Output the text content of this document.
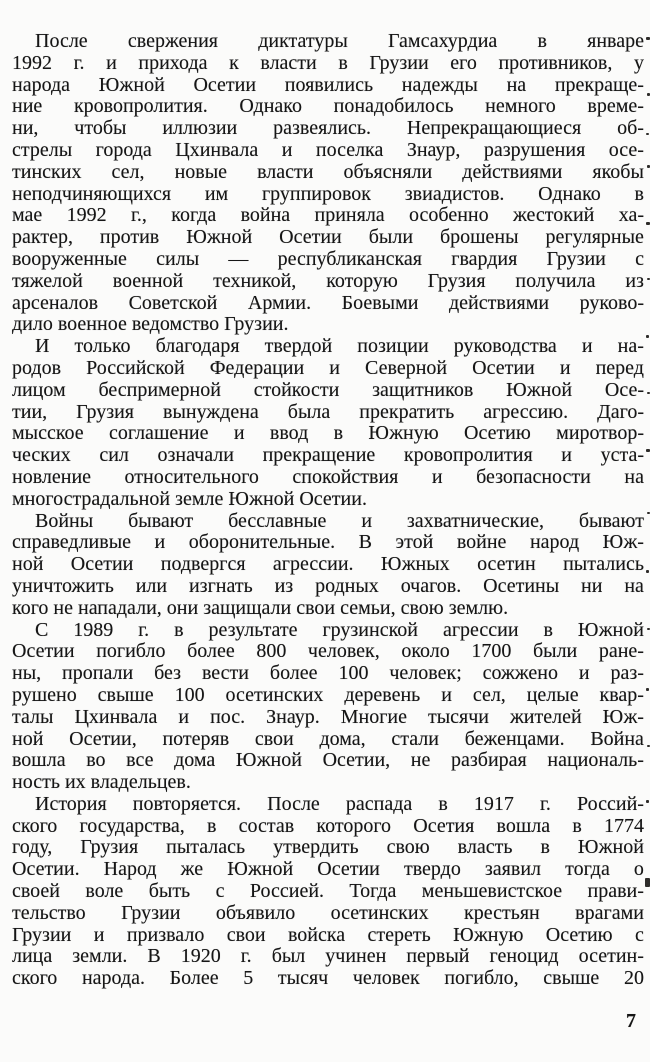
После свержения диктатуры Гамсахурдиа в январе
1992 г. и прихода к власти в Грузии его противников, у
народа Южной Осетии появились надежды на прекраще-
ние кровопролития. Однако понадобилось немного време-
ни, чтобы иллюзии развеялись. Непрекращающиеся об-
стрелы города Цхинвала и поселка Знаур, разрушения осе-
тинских сел, новые власти объясняли действиями якобы
неподчиняющихся им группировок звиадистов. Однако в
мае 1992 г., когда война приняла особенно жестокий ха-
рактер, против Южной Осетии были брошены регулярные
вооруженные силы — республиканская гвардия Грузии с
тяжелой военной техникой, которую Грузия получила из
арсеналов Советской Армии. Боевыми действиями руково-
дило военное ведомство Грузии.
И только благодаря твердой позиции руководства и на-
родов Российской Федерации и Северной Осетии и перед
лицом беспримерной стойкости защитников Южной Осе-
тии, Грузия вынуждена была прекратить агрессию. Даго-
мысское соглашение и ввод в Южную Осетию миротвор-
ческих сил означали прекращение кровопролития и уста-
новление относительного спокойствия и безопасности на
многострадальной земле Южной Осетии.
Войны бывают бесславные и захватнические, бывают
справедливые и оборонительные. В этой войне народ Юж-
ной Осетии подвергся агрессии. Южных осетин пытались
уничтожить или изгнать из родных очагов. Осетины ни на
кого не нападали, они защищали свои семьи, свою землю.
С 1989 г. в результате грузинской агрессии в Южной
Осетии погибло более 800 человек, около 1700 были ране-
ны, пропали без вести более 100 человек; сожжено и раз-
рушено свыше 100 осетинских деревень и сел, целые квар-
талы Цхинвала и пос. Знаур. Многие тысячи жителей Юж-
ной Осетии, потеряв свои дома, стали беженцами. Война
вошла во все дома Южной Осетии, не разбирая националь-
ность их владельцев.
История повторяется. После распада в 1917 г. Россий-
ского государства, в состав которого Осетия вошла в 1774
году, Грузия пыталась утвердить свою власть в Южной
Осетии. Народ же Южной Осетии твердо заявил тогда о
своей воле быть с Россией. Тогда меньшевистское прави-
тельство Грузии объявило осетинских крестьян врагами
Грузии и призвало свои войска стереть Южную Осетию с
лица земли. В 1920 г. был учинен первый геноцид осетин-
ского народа. Более 5 тысяч человек погибло, свыше 20
7
